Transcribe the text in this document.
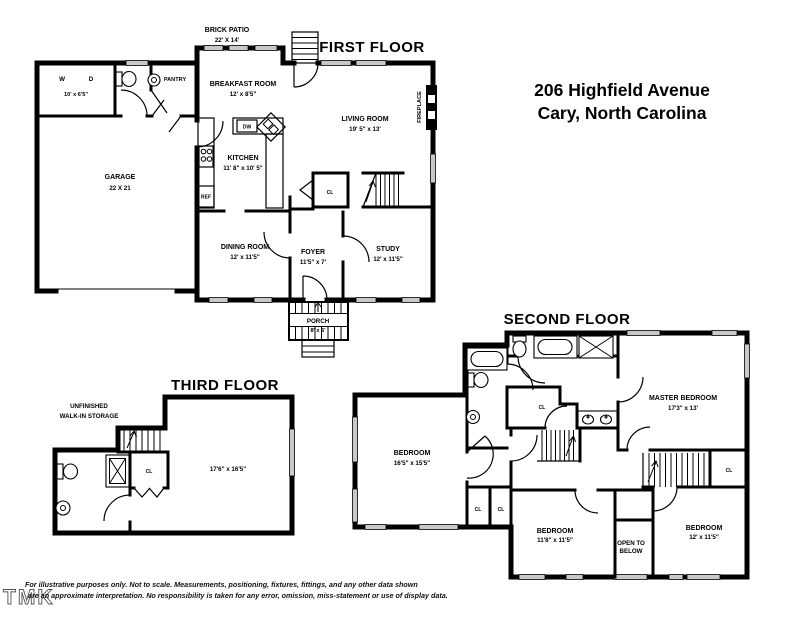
FIRST FLOOR
BRICK PATIO
22' X 14'
W	D
10' x 6'5"
PANTRY
BREAKFAST ROOM
12' x 8'5"
LIVING ROOM
19' 5" x 13'
FIREPLACE
KITCHEN
11' 8" x 10' 5"
DW
REF
GARAGE
22 X 21
DINING ROOM
12' x 11'5"
FOYER
11'5" x 7'
STUDY
12' x 11'5"
CL
PORCH
8' x 5'
206 Highfield Avenue
Cary, North Carolina
SECOND FLOOR
MASTER BEDROOM
17'3" x 13'
BEDROOM
16'5" x 15'5"
BEDROOM
11'8" x 11'5"
BEDROOM
12' x 11'5"
OPEN TO
BELOW
CL
CL
CL	CL
THIRD FLOOR
UNFINISHED
WALK-IN STORAGE
17'6" x 16'5"
CL
TMK
For illustrative purposes only. Not to scale. Measurements, positioning, fixtures, fittings, and any other data shown
are an approximate interpretation. No responsibility is taken for any error, omission, miss-statement or use of display data.
